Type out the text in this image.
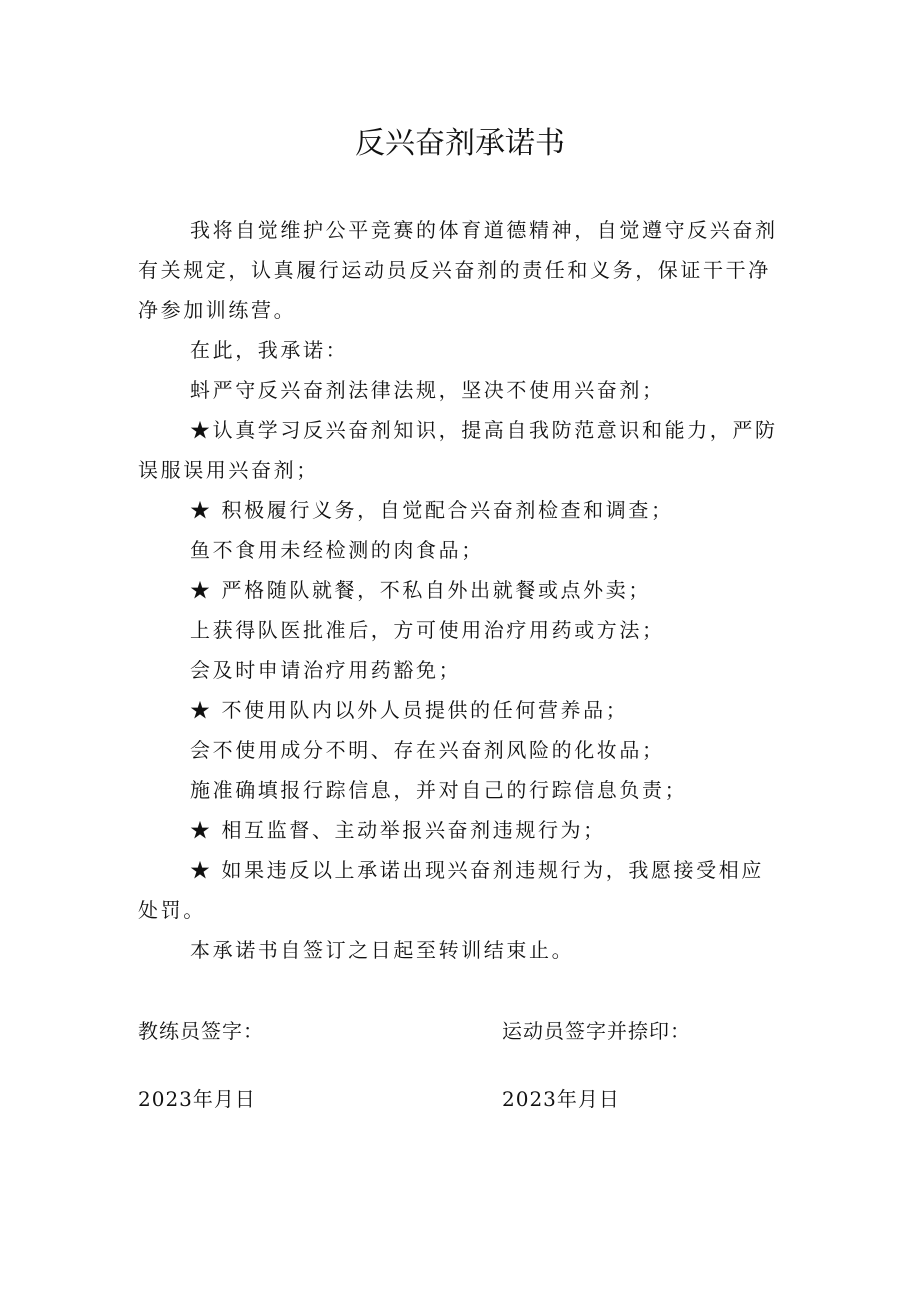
反兴奋剂承诺书

我将自觉维护公平竞赛的体育道德精神，自觉遵守反兴奋剂有关规定，认真履行运动员反兴奋剂的责任和义务，保证干干净净参加训练营。

在此，我承诺：

蚪严守反兴奋剂法律法规，坚决不使用兴奋剂；

★认真学习反兴奋剂知识，提高自我防范意识和能力，严防误服误用兴奋剂；

★ 积极履行义务，自觉配合兴奋剂检查和调查；

鱼不食用未经检测的肉食品；

★ 严格随队就餐，不私自外出就餐或点外卖；

上获得队医批准后，方可使用治疗用药或方法；

会及时申请治疗用药豁免；

★ 不使用队内以外人员提供的任何营养品；

会不使用成分不明、存在兴奋剂风险的化妆品；

施准确填报行踪信息，并对自己的行踪信息负责；

★ 相互监督、主动举报兴奋剂违规行为；

★ 如果违反以上承诺出现兴奋剂违规行为，我愿接受相应处罚。

本承诺书自签订之日起至转训结束止。

教练员签字：	运动员签字并捺印：
2023年月日	2023年月日
